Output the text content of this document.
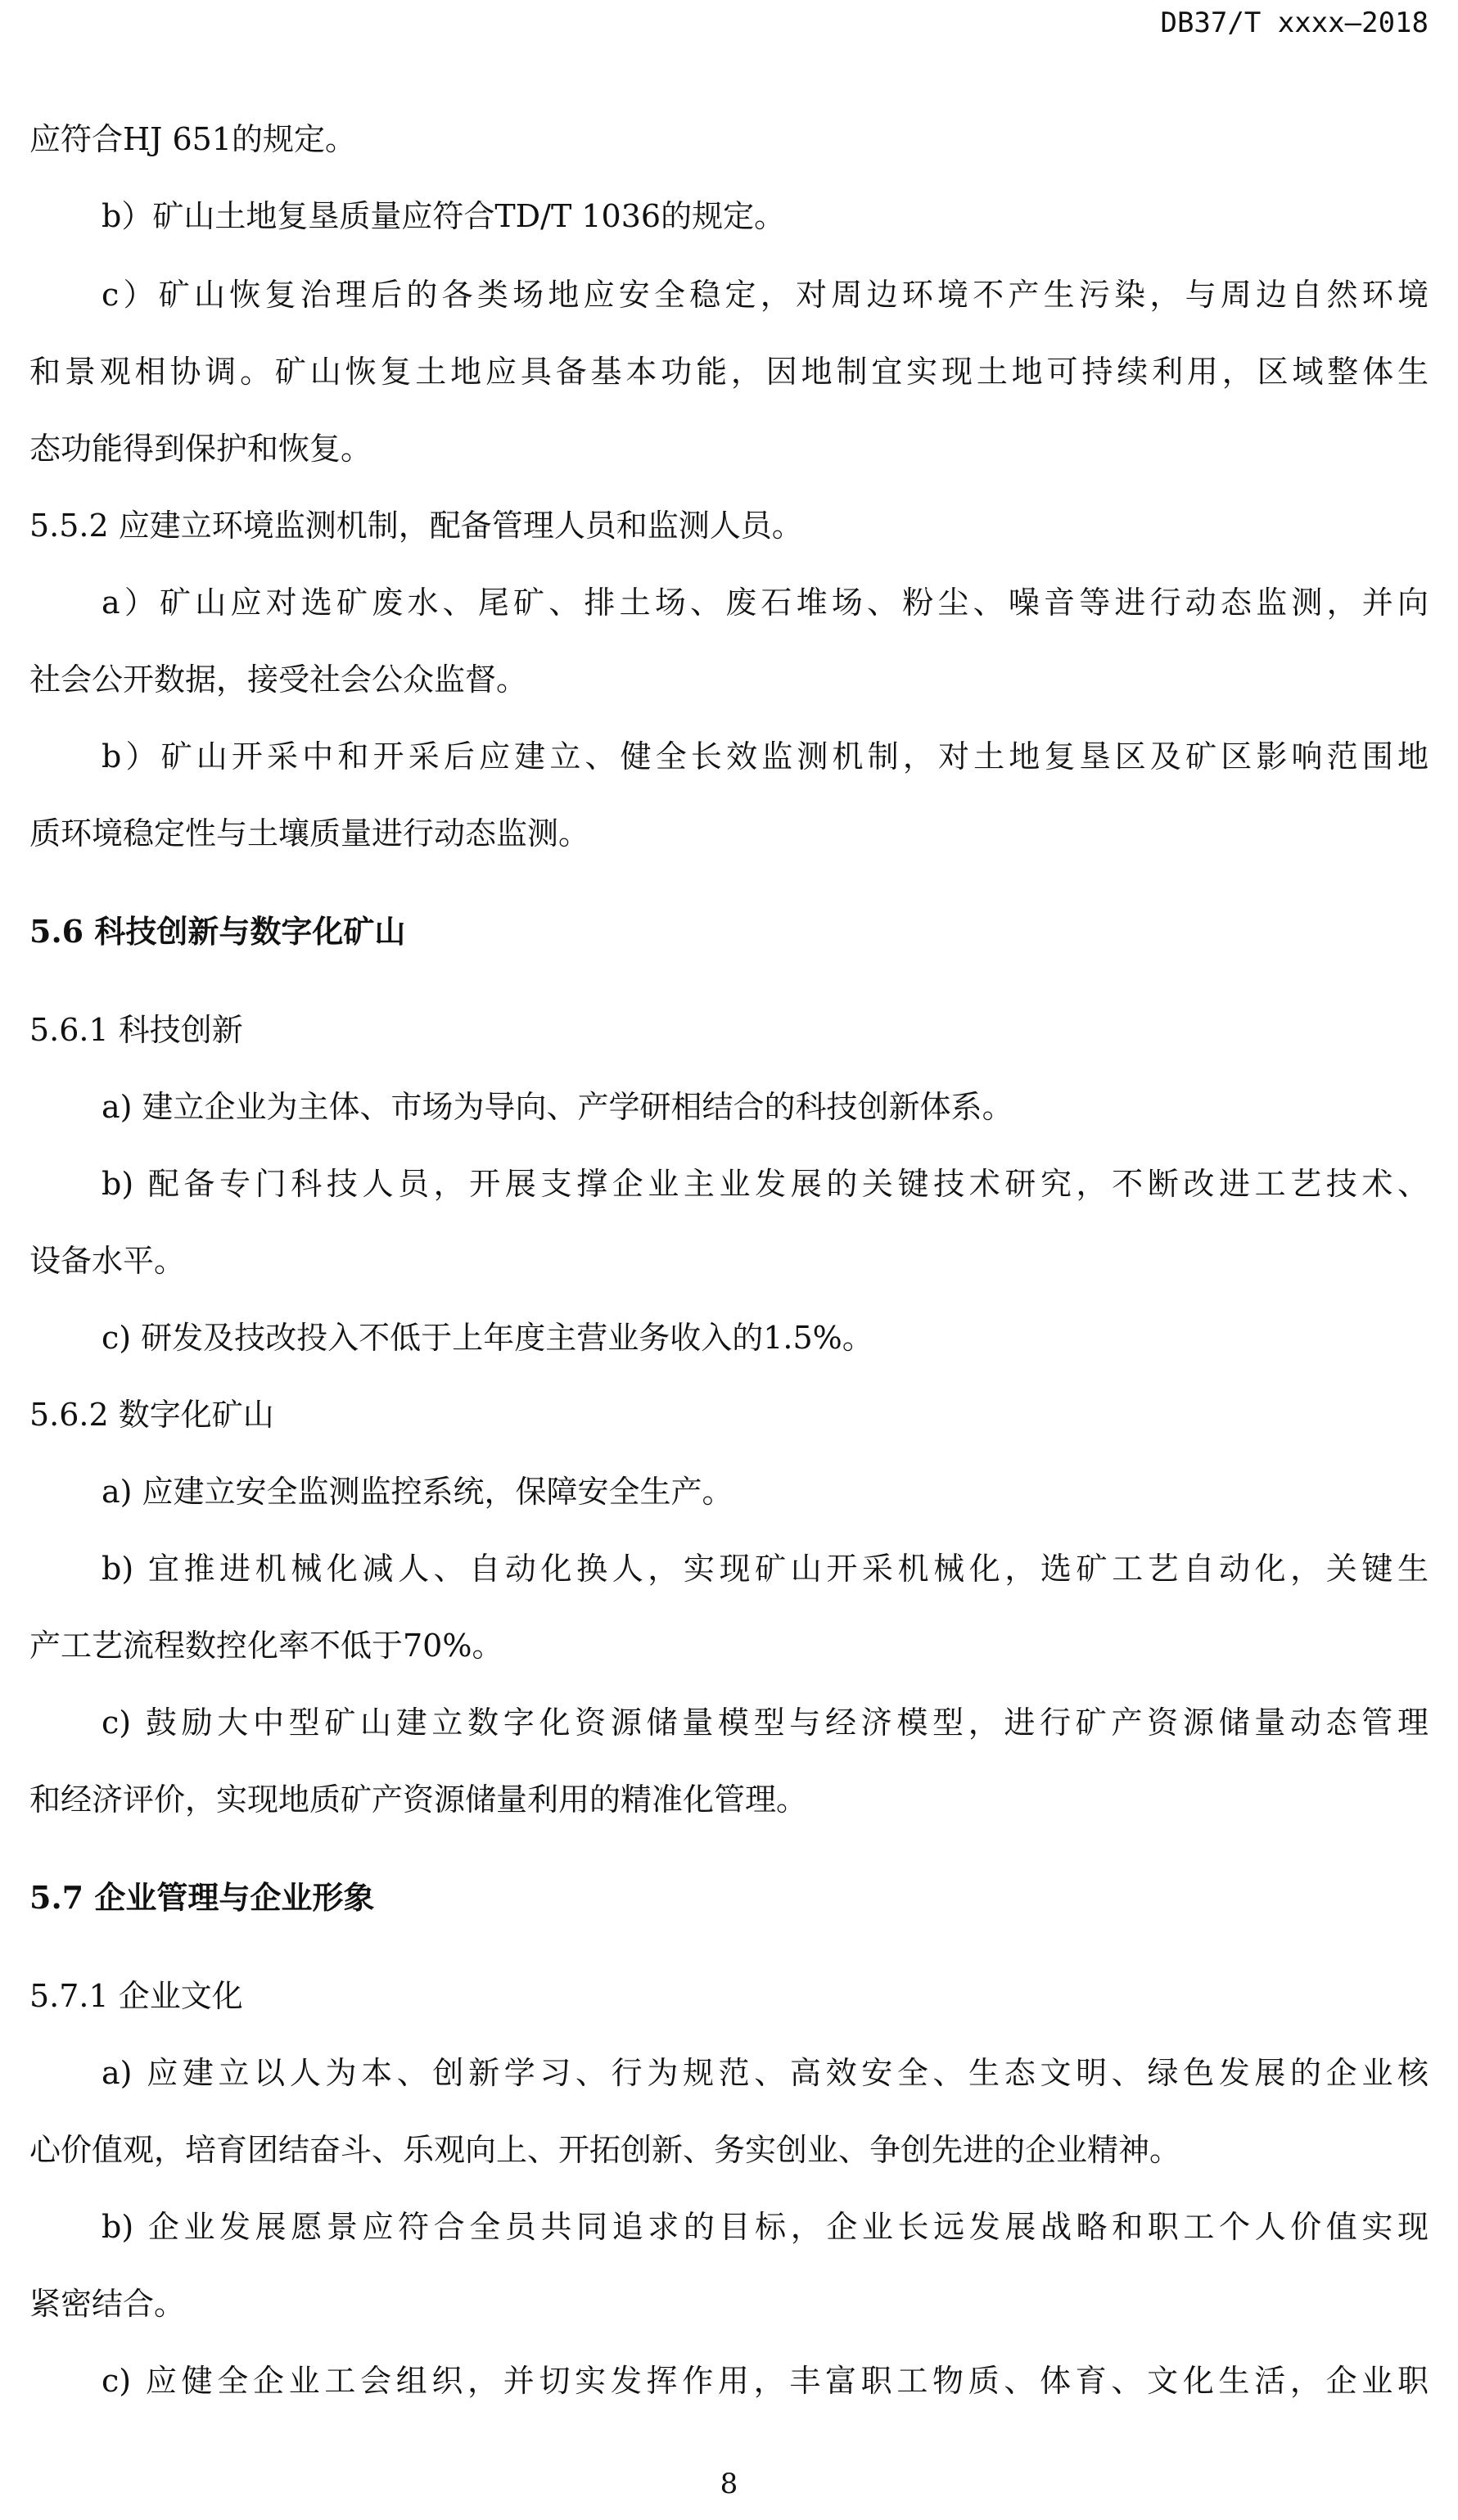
DB37/T xxxx—2018
应符合HJ 651的规定。
b）矿山土地复垦质量应符合TD/T 1036的规定。
c）矿山恢复治理后的各类场地应安全稳定，对周边环境不产生污染，与周边自然环境
和景观相协调。矿山恢复土地应具备基本功能，因地制宜实现土地可持续利用，区域整体生
态功能得到保护和恢复。
5.5.2 应建立环境监测机制，配备管理人员和监测人员。
a）矿山应对选矿废水、尾矿、排土场、废石堆场、粉尘、噪音等进行动态监测，并向
社会公开数据，接受社会公众监督。
b）矿山开采中和开采后应建立、健全长效监测机制，对土地复垦区及矿区影响范围地
质环境稳定性与土壤质量进行动态监测。
5.6 科技创新与数字化矿山
5.6.1 科技创新
a) 建立企业为主体、市场为导向、产学研相结合的科技创新体系。
b) 配备专门科技人员，开展支撑企业主业发展的关键技术研究，不断改进工艺技术、
设备水平。
c) 研发及技改投入不低于上年度主营业务收入的1.5%。
5.6.2 数字化矿山
a) 应建立安全监测监控系统，保障安全生产。
b) 宜推进机械化减人、自动化换人，实现矿山开采机械化，选矿工艺自动化，关键生
产工艺流程数控化率不低于70%。
c) 鼓励大中型矿山建立数字化资源储量模型与经济模型，进行矿产资源储量动态管理
和经济评价，实现地质矿产资源储量利用的精准化管理。
5.7 企业管理与企业形象
5.7.1 企业文化
a) 应建立以人为本、创新学习、行为规范、高效安全、生态文明、绿色发展的企业核
心价值观，培育团结奋斗、乐观向上、开拓创新、务实创业、争创先进的企业精神。
b) 企业发展愿景应符合全员共同追求的目标，企业长远发展战略和职工个人价值实现
紧密结合。
c) 应健全企业工会组织，并切实发挥作用，丰富职工物质、体育、文化生活，企业职
8
